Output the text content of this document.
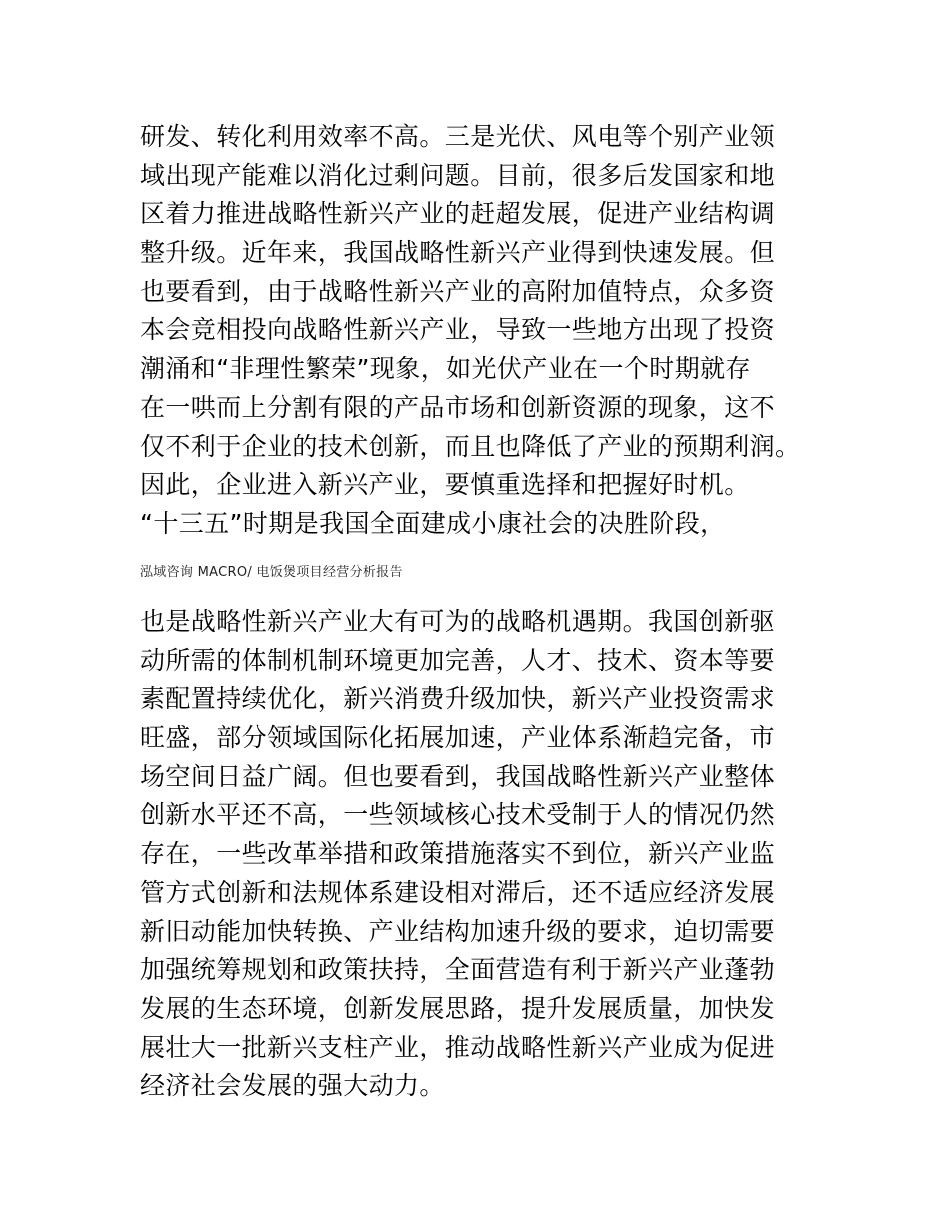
研发、转化利用效率不高。三是光伏、风电等个别产业领
域出现产能难以消化过剩问题。目前，很多后发国家和地
区着力推进战略性新兴产业的赶超发展，促进产业结构调
整升级。近年来，我国战略性新兴产业得到快速发展。但
也要看到，由于战略性新兴产业的高附加值特点，众多资
本会竞相投向战略性新兴产业，导致一些地方出现了投资
潮涌和“非理性繁荣”现象，如光伏产业在一个时期就存
在一哄而上分割有限的产品市场和创新资源的现象，这不
仅不利于企业的技术创新，而且也降低了产业的预期利润。
因此，企业进入新兴产业，要慎重选择和把握好时机。
“十三五”时期是我国全面建成小康社会的决胜阶段，
泓域咨询 MACRO/ 电饭煲项目经营分析报告
也是战略性新兴产业大有可为的战略机遇期。我国创新驱
动所需的体制机制环境更加完善，人才、技术、资本等要
素配置持续优化，新兴消费升级加快，新兴产业投资需求
旺盛，部分领域国际化拓展加速，产业体系渐趋完备，市
场空间日益广阔。但也要看到，我国战略性新兴产业整体
创新水平还不高，一些领域核心技术受制于人的情况仍然
存在，一些改革举措和政策措施落实不到位，新兴产业监
管方式创新和法规体系建设相对滞后，还不适应经济发展
新旧动能加快转换、产业结构加速升级的要求，迫切需要
加强统筹规划和政策扶持，全面营造有利于新兴产业蓬勃
发展的生态环境，创新发展思路，提升发展质量，加快发
展壮大一批新兴支柱产业，推动战略性新兴产业成为促进
经济社会发展的强大动力。
